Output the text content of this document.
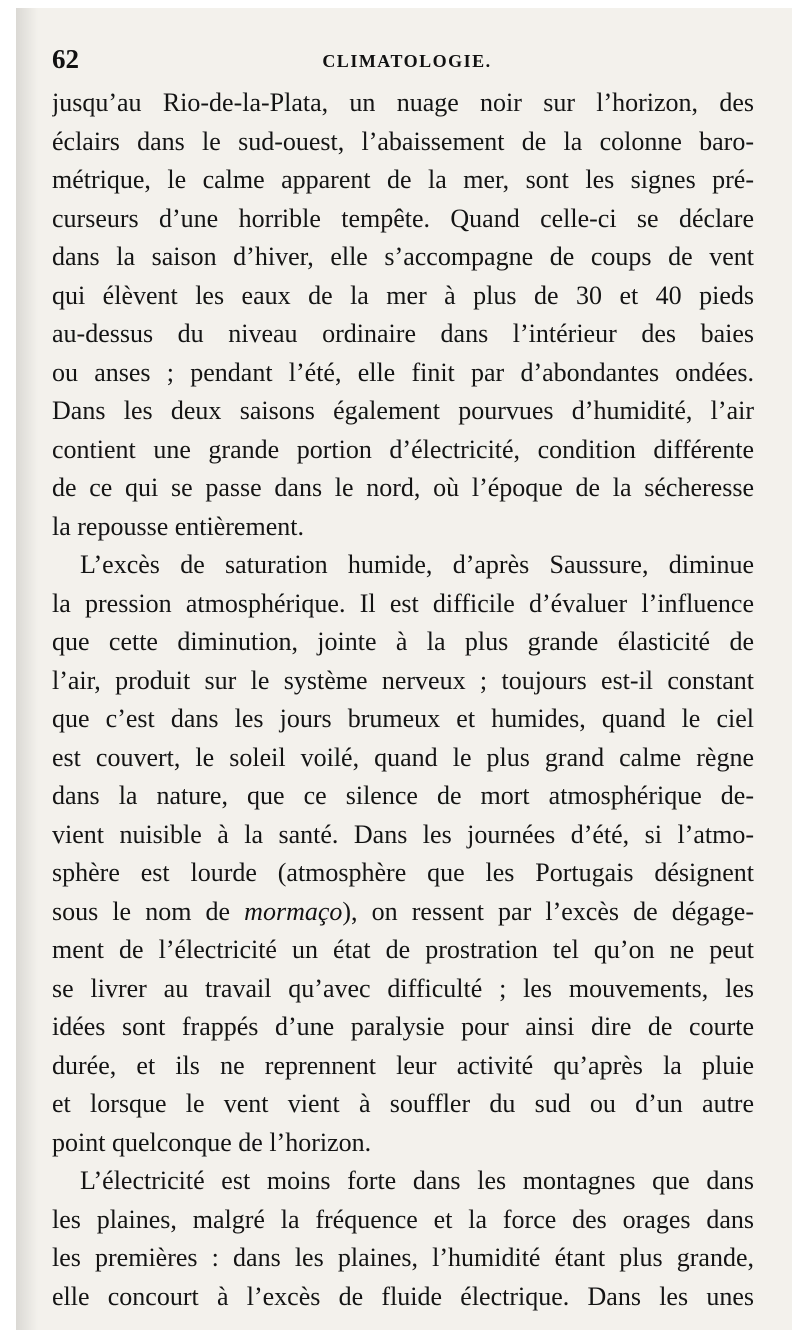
62	CLIMATOLOGIE.
jusqu’au Rio-de-la-Plata, un nuage noir sur l’horizon, des
éclairs dans le sud-ouest, l’abaissement de la colonne baro-
métrique, le calme apparent de la mer, sont les signes pré-
curseurs d’une horrible tempête. Quand celle-ci se déclare
dans la saison d’hiver, elle s’accompagne de coups de vent
qui élèvent les eaux de la mer à plus de 30 et 40 pieds
au-dessus du niveau ordinaire dans l’intérieur des baies
ou anses ; pendant l’été, elle finit par d’abondantes ondées.
Dans les deux saisons également pourvues d’humidité, l’air
contient une grande portion d’électricité, condition différente
de ce qui se passe dans le nord, où l’époque de la sécheresse
la repousse entièrement.
L’excès de saturation humide, d’après Saussure, diminue
la pression atmosphérique. Il est difficile d’évaluer l’influence
que cette diminution, jointe à la plus grande élasticité de
l’air, produit sur le système nerveux ; toujours est-il constant
que c’est dans les jours brumeux et humides, quand le ciel
est couvert, le soleil voilé, quand le plus grand calme règne
dans la nature, que ce silence de mort atmosphérique de-
vient nuisible à la santé. Dans les journées d’été, si l’atmo-
sphère est lourde (atmosphère que les Portugais désignent
sous le nom de mormaço), on ressent par l’excès de dégage-
ment de l’électricité un état de prostration tel qu’on ne peut
se livrer au travail qu’avec difficulté ; les mouvements, les
idées sont frappés d’une paralysie pour ainsi dire de courte
durée, et ils ne reprennent leur activité qu’après la pluie
et lorsque le vent vient à souffler du sud ou d’un autre
point quelconque de l’horizon.
L’électricité est moins forte dans les montagnes que dans
les plaines, malgré la fréquence et la force des orages dans
les premières : dans les plaines, l’humidité étant plus grande,
elle concourt à l’excès de fluide électrique. Dans les unes
